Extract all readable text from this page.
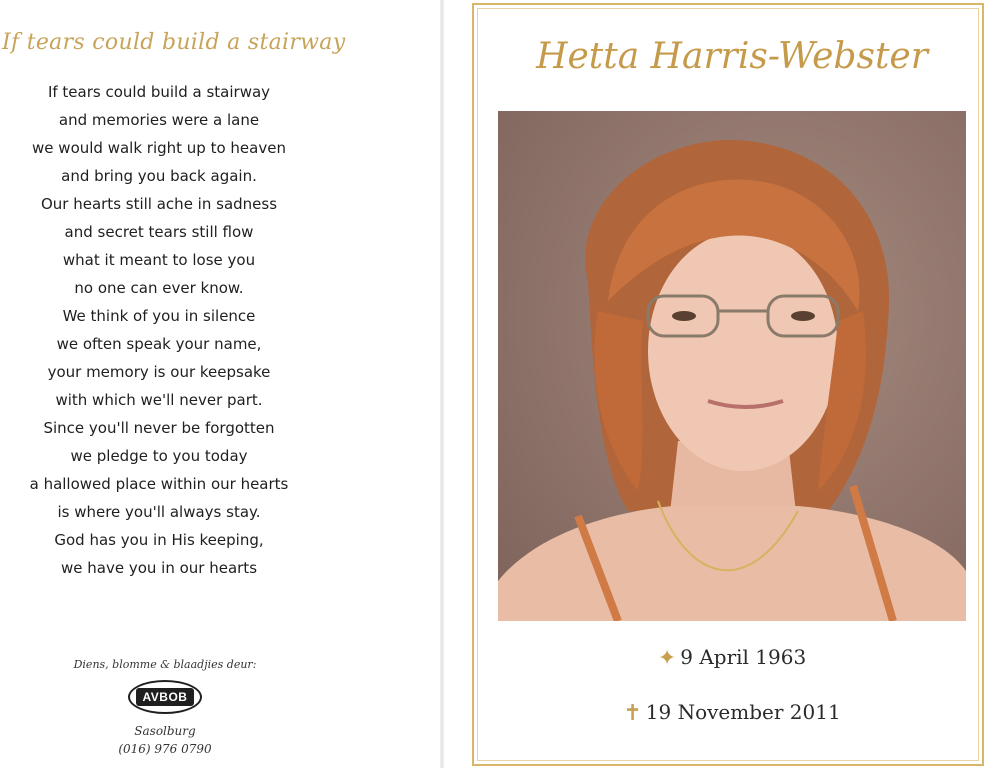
If tears could build a stairway
If tears could build a stairway
and memories were a lane
we would walk right up to heaven
and bring you back again.
Our hearts still ache in sadness
and secret tears still flow
what it meant to lose you
no one can ever know.
We think of you in silence
we often speak your name,
your memory is our keepsake
with which we'll never part.
Since you'll never be forgotten
we pledge to you today
a hallowed place within our hearts
is where you'll always stay.
God has you in His keeping,
we have you in our hearts
Diens, blomme & blaadjies deur:
AVBOB
Sasolburg
(016) 976 0790
Hetta Harris-Webster
✦ 9 April 1963
✝ 19 November 2011
